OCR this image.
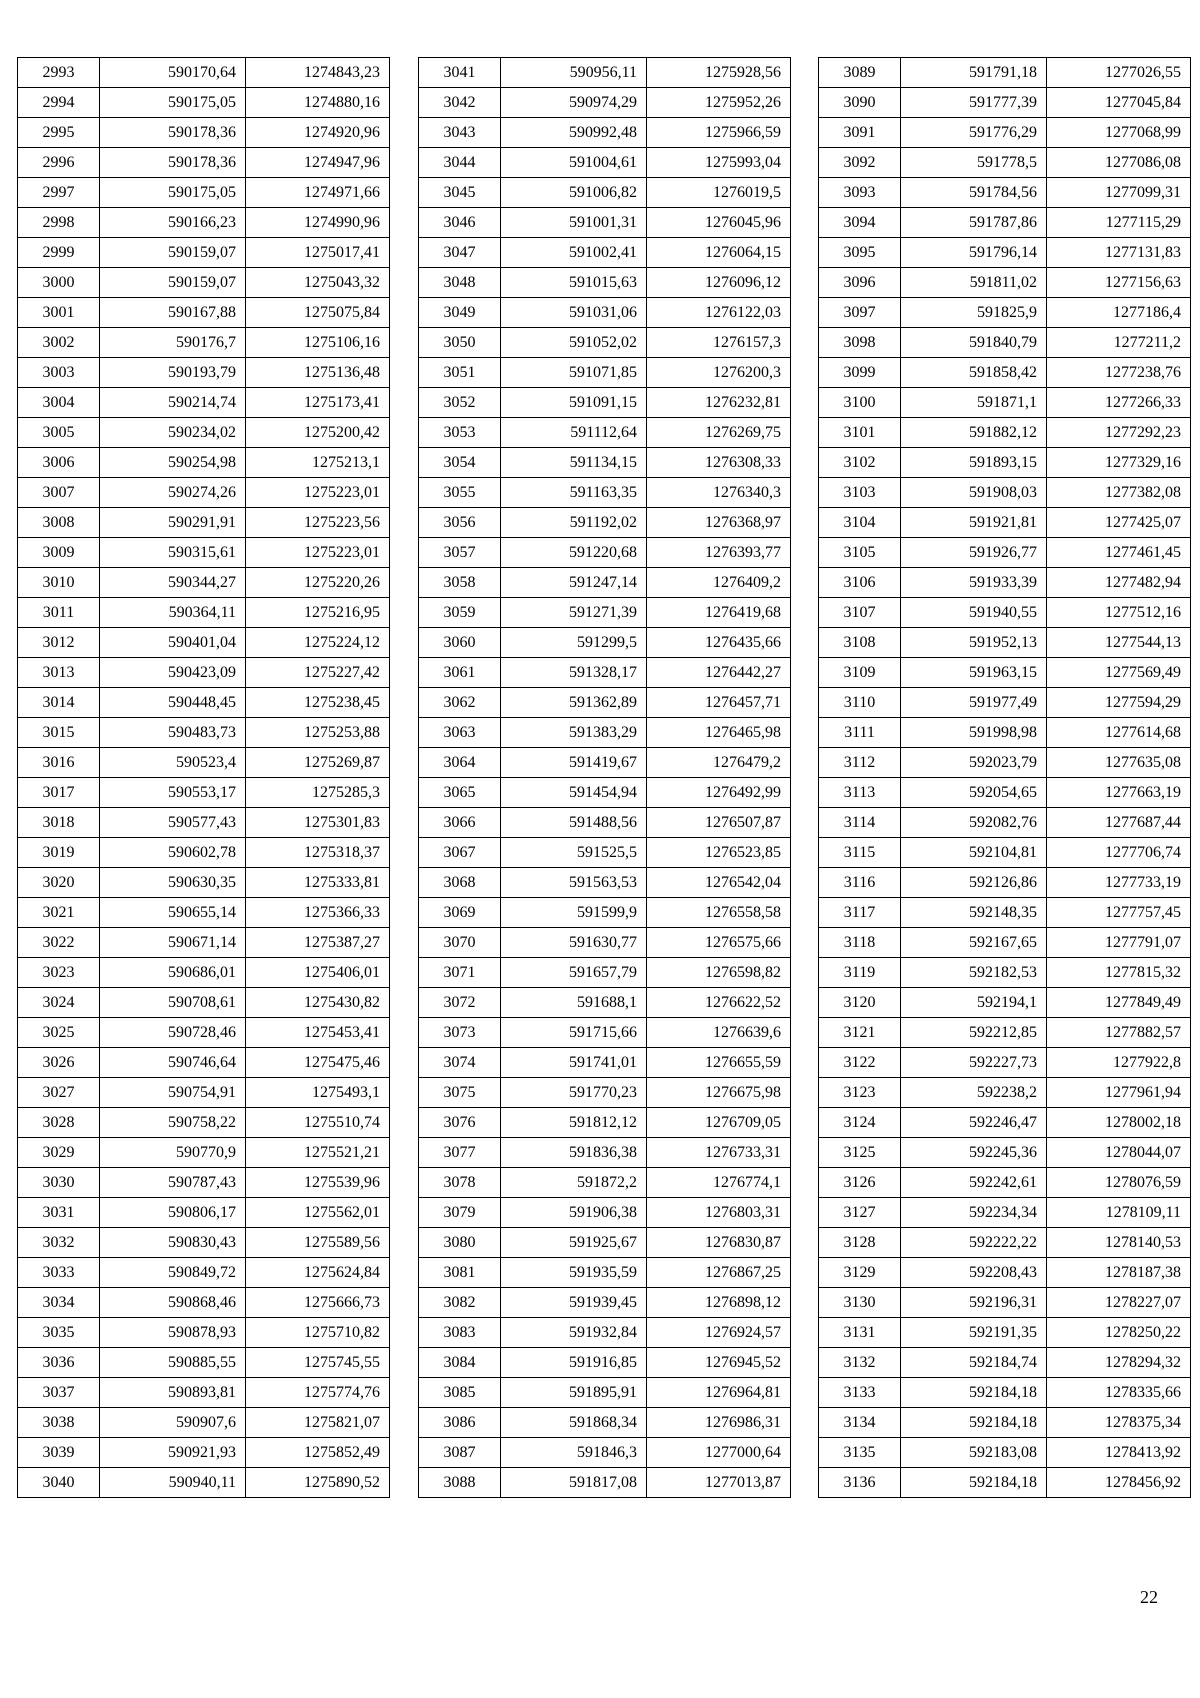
2993	590170,64	1274843,23
2994	590175,05	1274880,16
2995	590178,36	1274920,96
2996	590178,36	1274947,96
2997	590175,05	1274971,66
2998	590166,23	1274990,96
2999	590159,07	1275017,41
3000	590159,07	1275043,32
3001	590167,88	1275075,84
3002	590176,7	1275106,16
3003	590193,79	1275136,48
3004	590214,74	1275173,41
3005	590234,02	1275200,42
3006	590254,98	1275213,1
3007	590274,26	1275223,01
3008	590291,91	1275223,56
3009	590315,61	1275223,01
3010	590344,27	1275220,26
3011	590364,11	1275216,95
3012	590401,04	1275224,12
3013	590423,09	1275227,42
3014	590448,45	1275238,45
3015	590483,73	1275253,88
3016	590523,4	1275269,87
3017	590553,17	1275285,3
3018	590577,43	1275301,83
3019	590602,78	1275318,37
3020	590630,35	1275333,81
3021	590655,14	1275366,33
3022	590671,14	1275387,27
3023	590686,01	1275406,01
3024	590708,61	1275430,82
3025	590728,46	1275453,41
3026	590746,64	1275475,46
3027	590754,91	1275493,1
3028	590758,22	1275510,74
3029	590770,9	1275521,21
3030	590787,43	1275539,96
3031	590806,17	1275562,01
3032	590830,43	1275589,56
3033	590849,72	1275624,84
3034	590868,46	1275666,73
3035	590878,93	1275710,82
3036	590885,55	1275745,55
3037	590893,81	1275774,76
3038	590907,6	1275821,07
3039	590921,93	1275852,49
3040	590940,11	1275890,52
3041	590956,11	1275928,56
3042	590974,29	1275952,26
3043	590992,48	1275966,59
3044	591004,61	1275993,04
3045	591006,82	1276019,5
3046	591001,31	1276045,96
3047	591002,41	1276064,15
3048	591015,63	1276096,12
3049	591031,06	1276122,03
3050	591052,02	1276157,3
3051	591071,85	1276200,3
3052	591091,15	1276232,81
3053	591112,64	1276269,75
3054	591134,15	1276308,33
3055	591163,35	1276340,3
3056	591192,02	1276368,97
3057	591220,68	1276393,77
3058	591247,14	1276409,2
3059	591271,39	1276419,68
3060	591299,5	1276435,66
3061	591328,17	1276442,27
3062	591362,89	1276457,71
3063	591383,29	1276465,98
3064	591419,67	1276479,2
3065	591454,94	1276492,99
3066	591488,56	1276507,87
3067	591525,5	1276523,85
3068	591563,53	1276542,04
3069	591599,9	1276558,58
3070	591630,77	1276575,66
3071	591657,79	1276598,82
3072	591688,1	1276622,52
3073	591715,66	1276639,6
3074	591741,01	1276655,59
3075	591770,23	1276675,98
3076	591812,12	1276709,05
3077	591836,38	1276733,31
3078	591872,2	1276774,1
3079	591906,38	1276803,31
3080	591925,67	1276830,87
3081	591935,59	1276867,25
3082	591939,45	1276898,12
3083	591932,84	1276924,57
3084	591916,85	1276945,52
3085	591895,91	1276964,81
3086	591868,34	1276986,31
3087	591846,3	1277000,64
3088	591817,08	1277013,87
3089	591791,18	1277026,55
3090	591777,39	1277045,84
3091	591776,29	1277068,99
3092	591778,5	1277086,08
3093	591784,56	1277099,31
3094	591787,86	1277115,29
3095	591796,14	1277131,83
3096	591811,02	1277156,63
3097	591825,9	1277186,4
3098	591840,79	1277211,2
3099	591858,42	1277238,76
3100	591871,1	1277266,33
3101	591882,12	1277292,23
3102	591893,15	1277329,16
3103	591908,03	1277382,08
3104	591921,81	1277425,07
3105	591926,77	1277461,45
3106	591933,39	1277482,94
3107	591940,55	1277512,16
3108	591952,13	1277544,13
3109	591963,15	1277569,49
3110	591977,49	1277594,29
3111	591998,98	1277614,68
3112	592023,79	1277635,08
3113	592054,65	1277663,19
3114	592082,76	1277687,44
3115	592104,81	1277706,74
3116	592126,86	1277733,19
3117	592148,35	1277757,45
3118	592167,65	1277791,07
3119	592182,53	1277815,32
3120	592194,1	1277849,49
3121	592212,85	1277882,57
3122	592227,73	1277922,8
3123	592238,2	1277961,94
3124	592246,47	1278002,18
3125	592245,36	1278044,07
3126	592242,61	1278076,59
3127	592234,34	1278109,11
3128	592222,22	1278140,53
3129	592208,43	1278187,38
3130	592196,31	1278227,07
3131	592191,35	1278250,22
3132	592184,74	1278294,32
3133	592184,18	1278335,66
3134	592184,18	1278375,34
3135	592183,08	1278413,92
3136	592184,18	1278456,92
22
